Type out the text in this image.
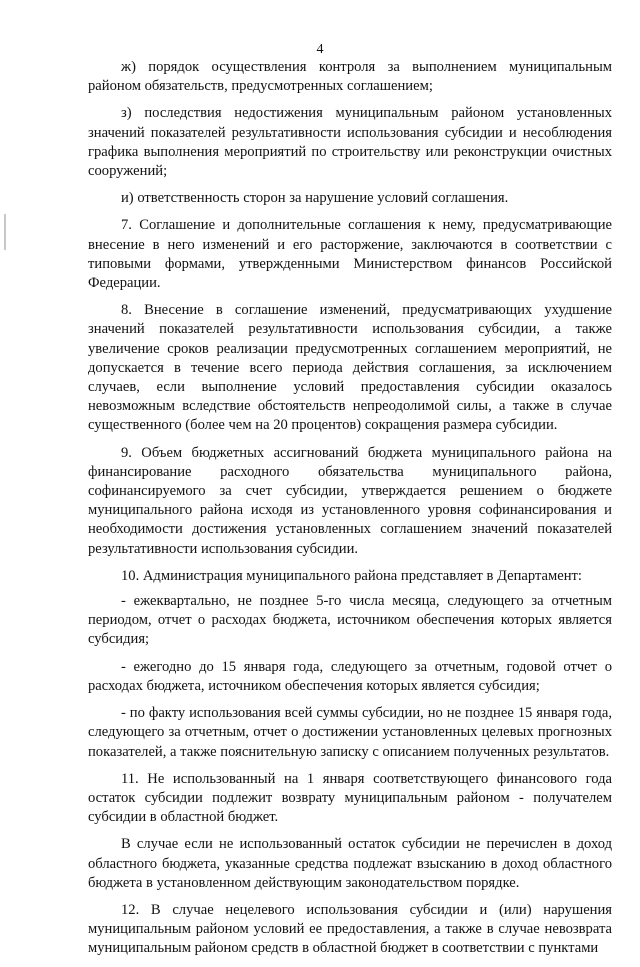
4

ж) порядок осуществления контроля за выполнением муниципальным районом обязательств, предусмотренных соглашением;

з) последствия недостижения муниципальным районом установленных значений показателей результативности использования субсидии и несоблюдения графика выполнения мероприятий по строительству или реконструкции очистных сооружений;

и) ответственность сторон за нарушение условий соглашения.

7. Соглашение и дополнительные соглашения к нему, предусматривающие внесение в него изменений и его расторжение, заключаются в соответствии с типовыми формами, утвержденными Министерством финансов Российской Федерации.

8. Внесение в соглашение изменений, предусматривающих ухудшение значений показателей результативности использования субсидии, а также увеличение сроков реализации предусмотренных соглашением мероприятий, не допускается в течение всего периода действия соглашения, за исключением случаев, если выполнение условий предоставления субсидии оказалось невозможным вследствие обстоятельств непреодолимой силы, а также в случае существенного (более чем на 20 процентов) сокращения размера субсидии.

9. Объем бюджетных ассигнований бюджета муниципального района на финансирование расходного обязательства муниципального района, софинансируемого за счет субсидии, утверждается решением о бюджете муниципального района исходя из установленного уровня софинансирования и необходимости достижения установленных соглашением значений показателей результативности использования субсидии.

10. Администрация муниципального района представляет в Департамент:

- ежеквартально, не позднее 5-го числа месяца, следующего за отчетным периодом, отчет о расходах бюджета, источником обеспечения которых является субсидия;

- ежегодно до 15 января года, следующего за отчетным, годовой отчет о расходах бюджета, источником обеспечения которых является субсидия;

- по факту использования всей суммы субсидии, но не позднее 15 января года, следующего за отчетным, отчет о достижении установленных целевых прогнозных показателей, а также пояснительную записку с описанием полученных результатов.

11. Не использованный на 1 января соответствующего финансового года остаток субсидии подлежит возврату муниципальным районом - получателем субсидии в областной бюджет.

В случае если не использованный остаток субсидии не перечислен в доход областного бюджета, указанные средства подлежат взысканию в доход областного бюджета в установленном действующим законодательством порядке.

12. В случае нецелевого использования субсидии и (или) нарушения муниципальным районом условий ее предоставления, а также в случае невозврата муниципальным районом средств в областной бюджет в соответствии с пунктами
